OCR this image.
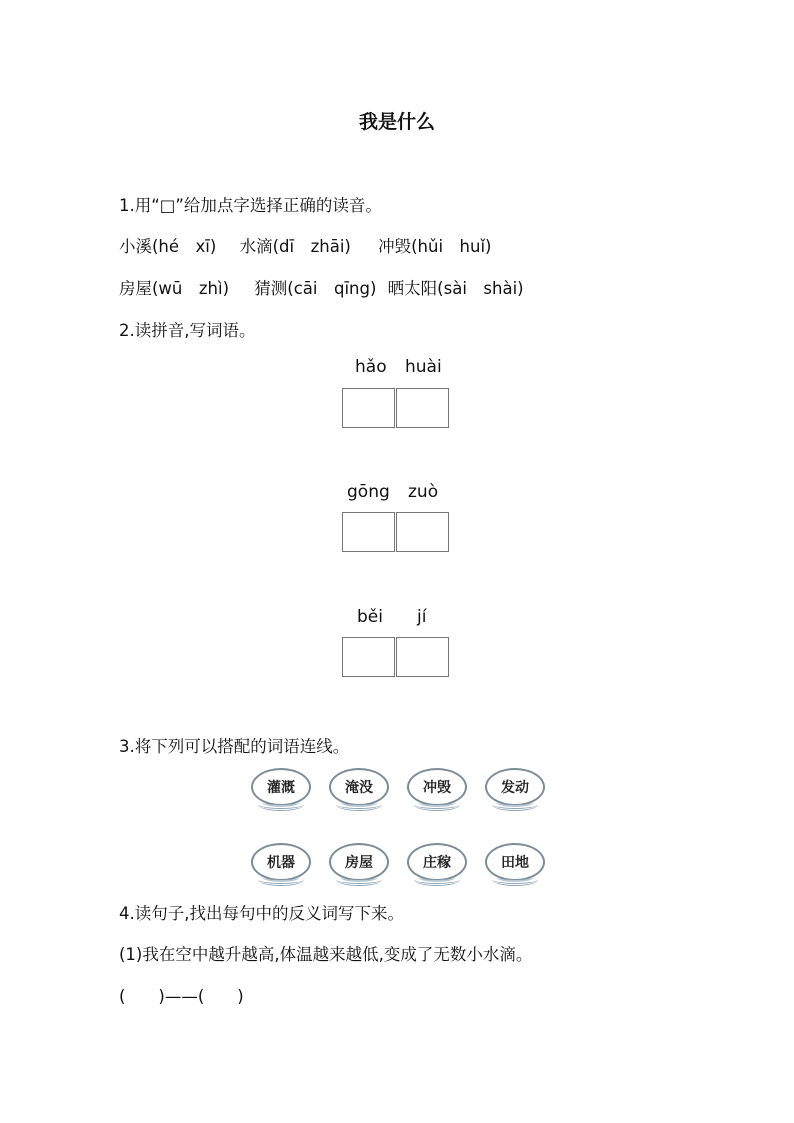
我是什么
1.用“□”给加点字选择正确的读音。
小溪(hé　xī) 水滴(dī　zhāi) 冲毁(hǔi　huǐ)
房屋(wū　zhì) 猜测(cāi　qīng) 晒太阳(sài　shài)
2.读拼音,写词语。
hǎo huài
gōng zuò
běi jí
3.将下列可以搭配的词语连线。
灌溉	淹没	冲毁	发动
机器	房屋	庄稼	田地
4.读句子,找出每句中的反义词写下来。
(1)我在空中越升越高,体温越来越低,变成了无数小水滴。
(　　)——(　　)
